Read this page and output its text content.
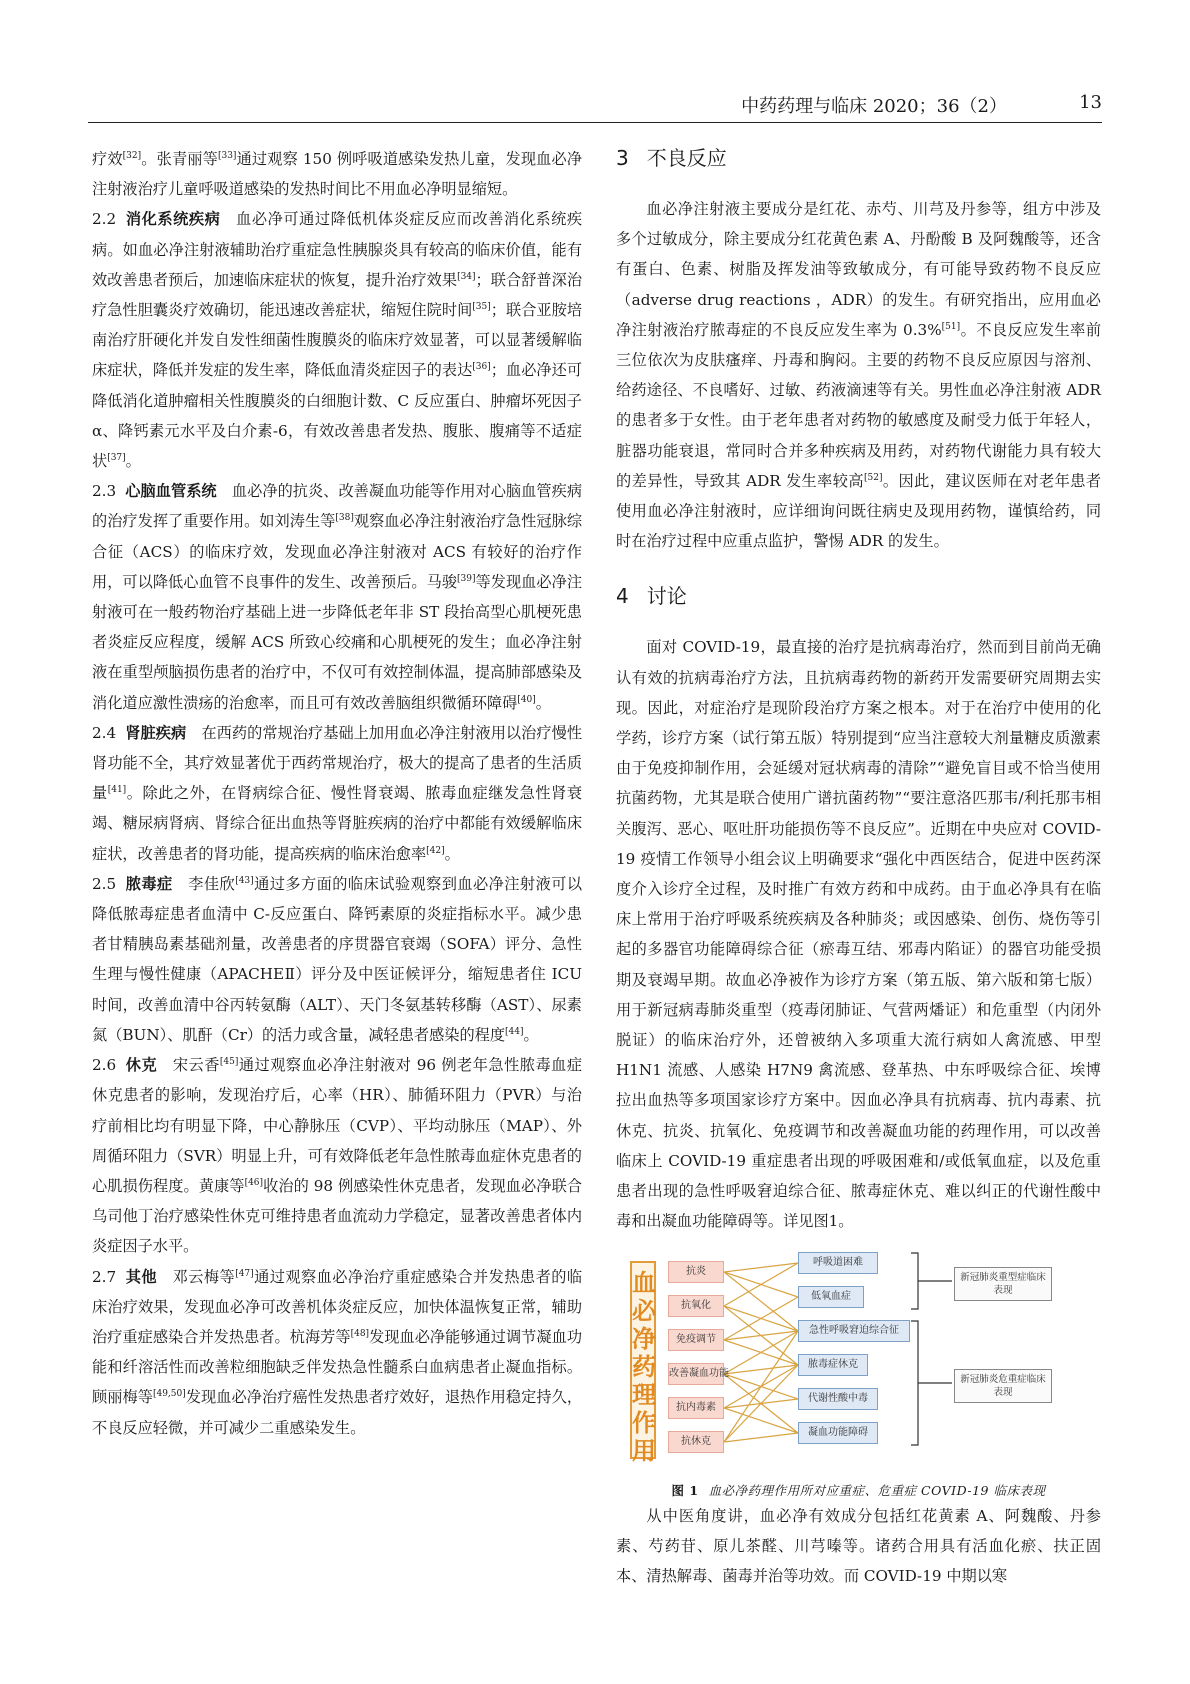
中药药理与临床 2020；36（2）	13

疗效[32]。张青丽等[33]通过观察 150 例呼吸道感染发热儿童，发现血必净注射液治疗儿童呼吸道感染的发热时间比不用血必净明显缩短。

2.2 消化系统疾病　 血必净可通过降低机体炎症反应而改善消化系统疾病。如血必净注射液辅助治疗重症急性胰腺炎具有较高的临床价值，能有效改善患者预后，加速临床症状的恢复，提升治疗效果[34]；联合舒普深治疗急性胆囊炎疗效确切，能迅速改善症状，缩短住院时间[35]；联合亚胺培南治疗肝硬化并发自发性细菌性腹膜炎的临床疗效显著，可以显著缓解临床症状，降低并发症的发生率，降低血清炎症因子的表达[36]；血必净还可降低消化道肿瘤相关性腹膜炎的白细胞计数、C 反应蛋白、肿瘤坏死因子 α、降钙素元水平及白介素-6，有效改善患者发热、腹胀、腹痛等不适症状[37]。

2.3 心脑血管系统　 血必净的抗炎、改善凝血功能等作用对心脑血管疾病的治疗发挥了重要作用。如刘涛生等[38]观察血必净注射液治疗急性冠脉综合征（ACS）的临床疗效，发现血必净注射液对 ACS 有较好的治疗作用，可以降低心血管不良事件的发生、改善预后。马骏[39]等发现血必净注射液可在一般药物治疗基础上进一步降低老年非 ST 段抬高型心肌梗死患者炎症反应程度，缓解 ACS 所致心绞痛和心肌梗死的发生；血必净注射液在重型颅脑损伤患者的治疗中，不仅可有效控制体温，提高肺部感染及消化道应激性溃疡的治愈率，而且可有效改善脑组织微循环障碍[40]。

2.4 肾脏疾病　 在西药的常规治疗基础上加用血必净注射液用以治疗慢性肾功能不全，其疗效显著优于西药常规治疗，极大的提高了患者的生活质量[41]。除此之外，在肾病综合征、慢性肾衰竭、脓毒血症继发急性肾衰竭、糖尿病肾病、肾综合征出血热等肾脏疾病的治疗中都能有效缓解临床症状，改善患者的肾功能，提高疾病的临床治愈率[42]。

2.5 脓毒症　 李佳欣[43]通过多方面的临床试验观察到血必净注射液可以降低脓毒症患者血清中 C-反应蛋白、降钙素原的炎症指标水平。减少患者甘精胰岛素基础剂量，改善患者的序贯器官衰竭（SOFA）评分、急性生理与慢性健康（APACHEⅡ）评分及中医证候评分，缩短患者住 ICU 时间，改善血清中谷丙转氨酶（ALT）、天门冬氨基转移酶（AST）、尿素氮（BUN）、肌酐（Cr）的活力或含量，减轻患者感染的程度[44]。

2.6 休克　 宋云香[45]通过观察血必净注射液对 96 例老年急性脓毒血症休克患者的影响，发现治疗后，心率（HR）、肺循环阻力（PVR）与治疗前相比均有明显下降，中心静脉压（CVP）、平均动脉压（MAP）、外周循环阻力（SVR）明显上升，可有效降低老年急性脓毒血症休克患者的心肌损伤程度。黄康等[46]收治的 98 例感染性休克患者，发现血必净联合乌司他丁治疗感染性休克可维持患者血流动力学稳定，显著改善患者体内炎症因子水平。

2.7 其他　 邓云梅等[47]通过观察血必净治疗重症感染合并发热患者的临床治疗效果，发现血必净可改善机体炎症反应，加快体温恢复正常，辅助治疗重症感染合并发热患者。杭海芳等[48]发现血必净能够通过调节凝血功能和纤溶活性而改善粒细胞缺乏伴发热急性髓系白血病患者止凝血指标。顾丽梅等[49,50]发现血必净治疗癌性发热患者疗效好，退热作用稳定持久，不良反应轻微，并可减少二重感染发生。

3 不良反应

血必净注射液主要成分是红花、赤芍、川芎及丹参等，组方中涉及多个过敏成分，除主要成分红花黄色素 A、丹酚酸 B 及阿魏酸等，还含有蛋白、色素、树脂及挥发油等致敏成分，有可能导致药物不良反应（adverse drug reactions ，ADR）的发生。有研究指出，应用血必净注射液治疗脓毒症的不良反应发生率为 0.3%[51]。不良反应发生率前三位依次为皮肤瘙痒、丹毒和胸闷。主要的药物不良反应原因与溶剂、给药途径、不良嗜好、过敏、药液滴速等有关。男性血必净注射液 ADR 的患者多于女性。由于老年患者对药物的敏感度及耐受力低于年轻人，脏器功能衰退，常同时合并多种疾病及用药，对药物代谢能力具有较大的差异性，导致其 ADR 发生率较高[52]。因此，建议医师在对老年患者使用血必净注射液时，应详细询问既往病史及现用药物，谨慎给药，同时在治疗过程中应重点监护，警惕 ADR 的发生。

4 讨论

面对 COVID-19，最直接的治疗是抗病毒治疗，然而到目前尚无确认有效的抗病毒治疗方法，且抗病毒药物的新药开发需要研究周期去实现。因此，对症治疗是现阶段治疗方案之根本。对于在治疗中使用的化学药，诊疗方案（试行第五版）特别提到“应当注意较大剂量糖皮质激素由于免疫抑制作用，会延缓对冠状病毒的清除”“避免盲目或不恰当使用抗菌药物，尤其是联合使用广谱抗菌药物”“要注意洛匹那韦/利托那韦相关腹泻、恶心、呕吐肝功能损伤等不良反应”。近期在中央应对 COVID-19 疫情工作领导小组会议上明确要求“强化中西医结合，促进中医药深度介入诊疗全过程，及时推广有效方药和中成药。由于血必净具有在临床上常用于治疗呼吸系统疾病及各种肺炎；或因感染、创伤、烧伤等引起的多器官功能障碍综合征（瘀毒互结、邪毒内陷证）的器官功能受损期及衰竭早期。故血必净被作为诊疗方案（第五版、第六版和第七版）用于新冠病毒肺炎重型（疫毒闭肺证、气营两燔证）和危重型（内闭外脱证）的临床治疗外，还曾被纳入多项重大流行病如人禽流感、甲型 H1N1 流感、人感染 H7N9 禽流感、登革热、中东呼吸综合征、埃博拉出血热等多项国家诊疗方案中。因血必净具有抗病毒、抗内毒素、抗休克、抗炎、抗氧化、免疫调节和改善凝血功能的药理作用，可以改善临床上 COVID-19 重症患者出现的呼吸困难和/或低氧血症，以及危重患者出现的急性呼吸窘迫综合征、脓毒症休克、难以纠正的代谢性酸中毒和出凝血功能障碍等。详见图1。

血必净药理作用
抗炎
抗氧化
免疫调节
改善凝血功能
抗内毒素
抗休克
呼吸道困难
低氧血症
急性呼吸窘迫综合征
脓毒症休克
代谢性酸中毒
凝血功能障碍
新冠肺炎重型症临床表现
新冠肺炎危重症临床表现
图 1 血必净药理作用所对应重症、危重症 COVID-19 临床表现

从中医角度讲，血必净有效成分包括红花黄素 A、阿魏酸、丹参素、芍药苷、原儿茶醛、川芎嗪等。诸药合用具有活血化瘀、扶正固本、清热解毒、菌毒并治等功效。而 COVID-19 中期以寒
